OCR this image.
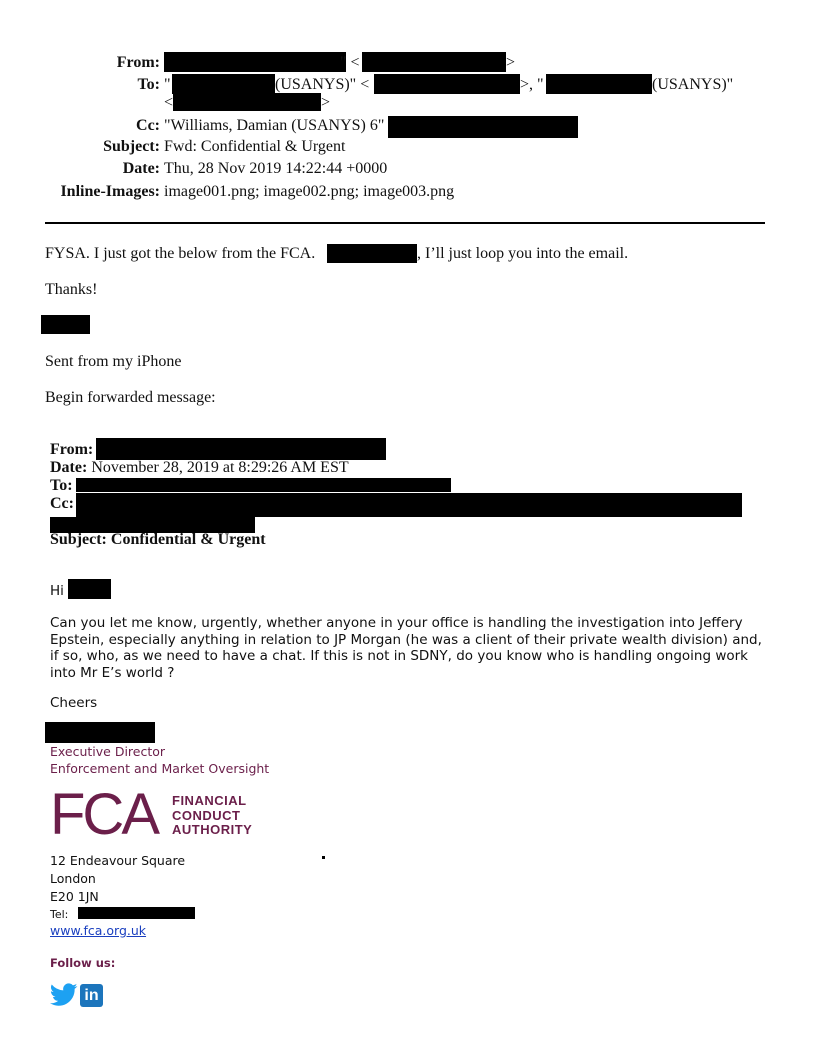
From:	" <	>
To: "	(USANYS)" <	>, "	(USANYS)"
<	>
Cc: "Williams, Damian (USANYS) 6"
Subject: Fwd: Confidential & Urgent
Date: Thu, 28 Nov 2019 14:22:44 +0000
Inline-Images: image001.png; image002.png; image003.png
FYSA. I just got the below from the FCA.	, I’ll just loop you into the email.
Thanks!
Sent from my iPhone
Begin forwarded message:
From:
Date: November 28, 2019 at 8:29:26 AM EST
To:
Cc:
Subject: Confidential & Urgent
Hi
Can you let me know, urgently, whether anyone in your office is handling the investigation into Jeffery Epstein, especially anything in relation to JP Morgan (he was a client of their private wealth division) and, if so, who, as we need to have a chat. If this is not in SDNY, do you know who is handling ongoing work into Mr E’s world ?
Cheers
Executive Director
Enforcement and Market Oversight
FCA FINANCIAL
CONDUCT
AUTHORITY
12 Endeavour Square
London
E20 1JN
Tel:
www.fca.org.uk
Follow us:
in
